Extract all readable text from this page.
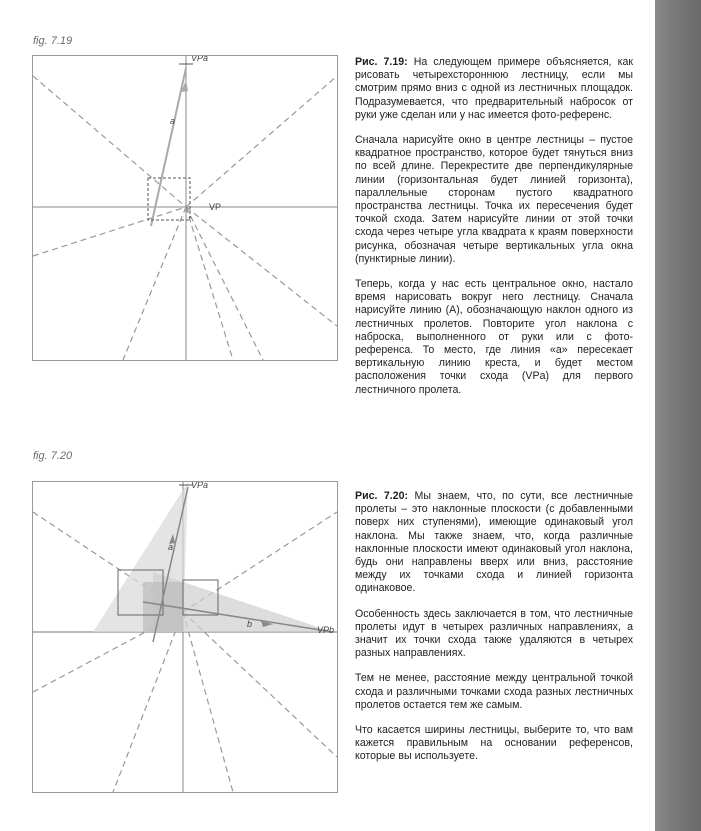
fig. 7.19
VPa
VP
a

Рис. 7.19: На следующем примере объясняется, как рисовать четырехстороннюю лестницу, если мы смотрим прямо вниз с одной из лестничных площадок. Подразумевается, что предварительный набросок от руки уже сделан или у нас имеется фото-референс.

Сначала нарисуйте окно в центре лестницы – пустое квадратное пространство, которое будет тянуться вниз по всей длине. Перекрестите две перпендикулярные линии (горизонтальная будет линией горизонта), параллельные сторонам пустого квадратного пространства лестницы. Точка их пересечения будет точкой схода. Затем нарисуйте линии от этой точки схода через четыре угла квадрата к краям поверхности рисунка, обозначая четыре вертикальных угла окна (пунктирные линии).

Теперь, когда у нас есть центральное окно, настало время нарисовать вокруг него лестницу. Сначала нарисуйте линию (А), обозначающую наклон одного из лестничных пролетов. Повторите угол наклона с наброска, выполненного от руки или с фото-референса. То место, где линия «a» пересекает вертикальную линию креста, и будет местом расположения точки схода (VPa) для первого лестничного пролета.

fig. 7.20
VPa
VPb
a
b

Рис. 7.20: Мы знаем, что, по сути, все лестничные пролеты – это наклонные плоскости (с добавленными поверх них ступенями), имеющие одинаковый угол наклона. Мы также знаем, что, когда различные наклонные плоскости имеют одинаковый угол наклона, будь они направлены вверх или вниз, расстояние между их точками схода и линией горизонта одинаковое.

Особенность здесь заключается в том, что лестничные пролеты идут в четырех различных направлениях, а значит их точки схода также удаляются в четырех разных направлениях.

Тем не менее, расстояние между центральной точкой схода и различными точками схода разных лестничных пролетов остается тем же самым.

Что касается ширины лестницы, выберите то, что вам кажется правильным на основании референсов, которые вы используете.
